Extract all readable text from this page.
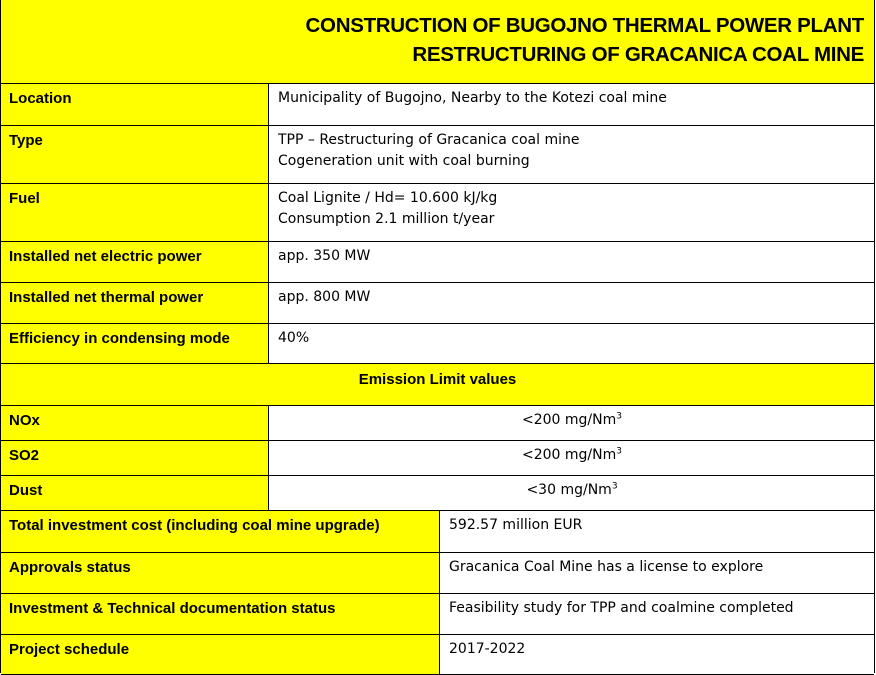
CONSTRUCTION OF BUGOJNO THERMAL POWER PLANT
RESTRUCTURING OF GRACANICA COAL MINE
Location	Municipality of Bugojno, Nearby to the Kotezi coal mine
Type	TPP – Restructuring of Gracanica coal mine
Cogeneration unit with coal burning
Fuel	Coal Lignite / Hd= 10.600 kJ/kg
Consumption 2.1 million t/year
Installed net electric power	app. 350 MW
Installed net thermal power	app. 800 MW
Efficiency in condensing mode	40%
Emission Limit values
NOx	<200 mg/Nm$^3$
SO2	<200 mg/Nm$^3$
Dust	<30 mg/Nm$^3$
Total investment cost (including coal mine upgrade)	592.57 million EUR
Approvals status	Gracanica Coal Mine has a license to explore
Investment & Technical documentation status	Feasibility study for TPP and coalmine completed
Project schedule	2017-2022
